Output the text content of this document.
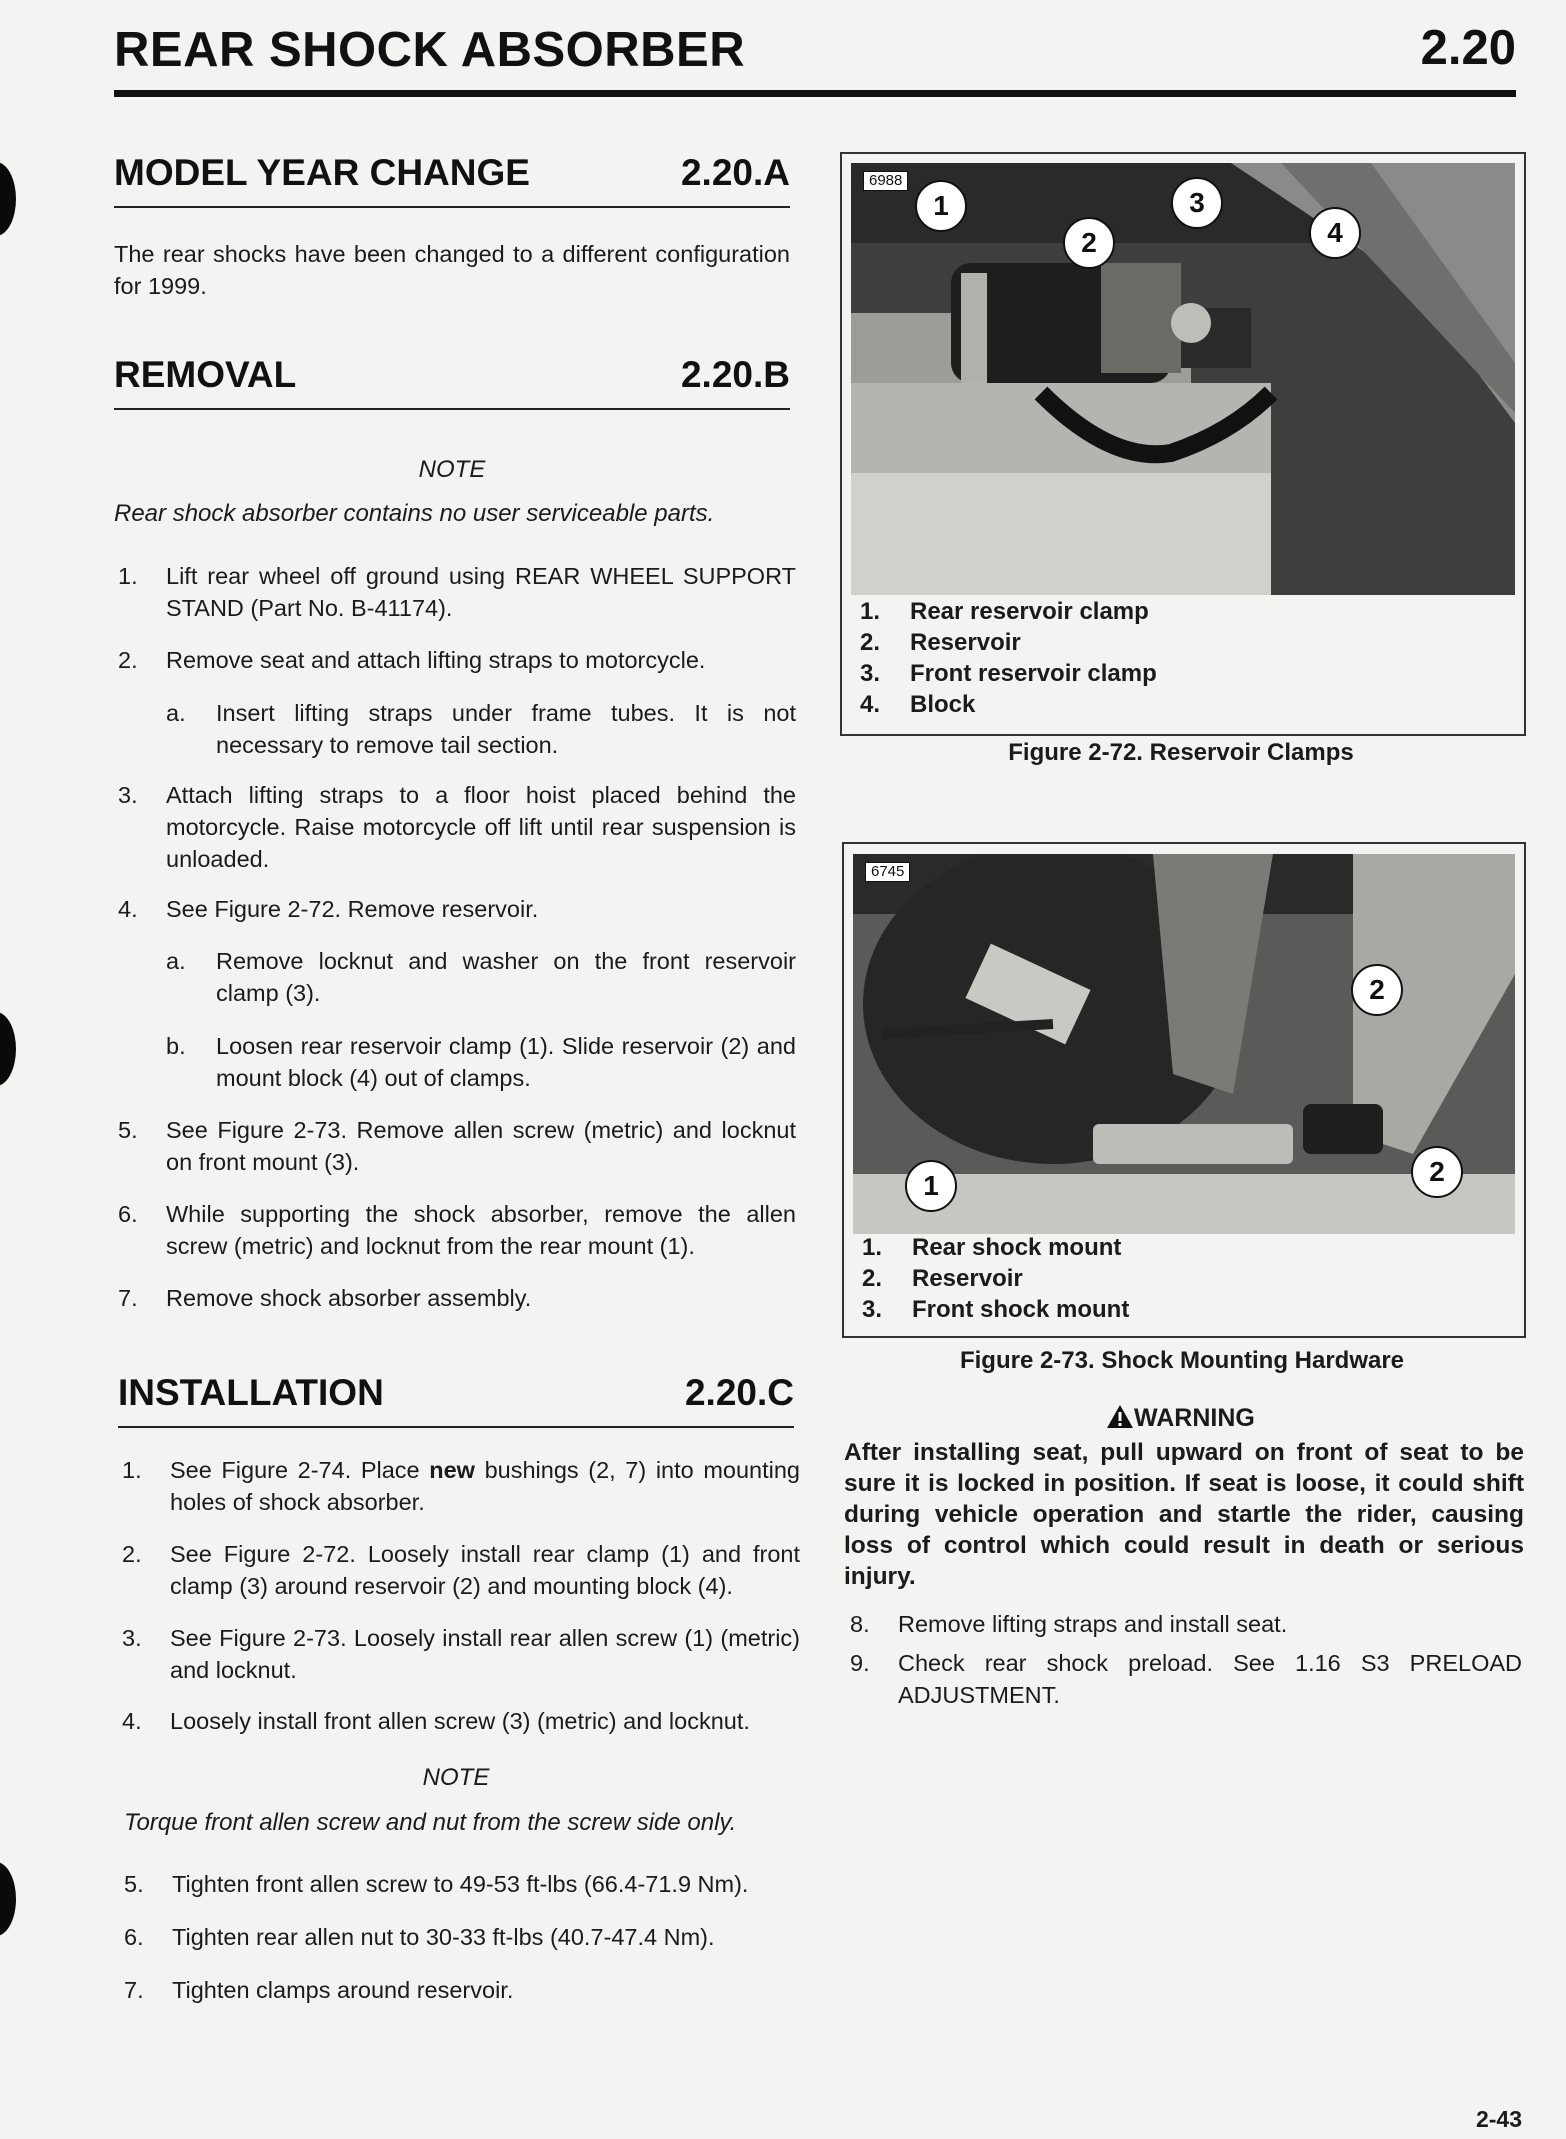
REAR SHOCK ABSORBER	2.20
MODEL YEAR CHANGE	2.20.A
The rear shocks have been changed to a different configuration for 1999.
REMOVAL	2.20.B
NOTE
Rear shock absorber contains no user serviceable parts.
1.	Lift rear wheel off ground using REAR WHEEL SUPPORT STAND (Part No. B-41174).
2.	Remove seat and attach lifting straps to motorcycle.
a.	Insert lifting straps under frame tubes. It is not necessary to remove tail section.
3.	Attach lifting straps to a floor hoist placed behind the motorcycle. Raise motorcycle off lift until rear suspension is unloaded.
4.	See Figure 2-72. Remove reservoir.
a.	Remove locknut and washer on the front reservoir clamp (3).
b.	Loosen rear reservoir clamp (1). Slide reservoir (2) and mount block (4) out of clamps.
5.	See Figure 2-73. Remove allen screw (metric) and locknut on front mount (3).
6.	While supporting the shock absorber, remove the allen screw (metric) and locknut from the rear mount (1).
7.	Remove shock absorber assembly.
INSTALLATION	2.20.C
1.	See Figure 2-74. Place new bushings (2, 7) into mounting holes of shock absorber.
2.	See Figure 2-72. Loosely install rear clamp (1) and front clamp (3) around reservoir (2) and mounting block (4).
3.	See Figure 2-73. Loosely install rear allen screw (1) (metric) and locknut.
4.	Loosely install front allen screw (3) (metric) and locknut.
NOTE
Torque front allen screw and nut from the screw side only.
5.	Tighten front allen screw to 49-53 ft-lbs (66.4-71.9 Nm).
6.	Tighten rear allen nut to 30-33 ft-lbs (40.7-47.4 Nm).
7.	Tighten clamps around reservoir.
6988
1
2
3
4
1. Rear reservoir clamp
2. Reservoir
3. Front reservoir clamp
4. Block
Figure 2-72. Reservoir Clamps
6745
2
2
1
1. Rear shock mount
2. Reservoir
3. Front shock mount
Figure 2-73. Shock Mounting Hardware
WARNING
After installing seat, pull upward on front of seat to be sure it is locked in position. If seat is loose, it could shift during vehicle operation and startle the rider, causing loss of control which could result in death or serious injury.
8.	Remove lifting straps and install seat.
9.	Check rear shock preload. See 1.16 S3 PRELOAD ADJUSTMENT.
2-43
